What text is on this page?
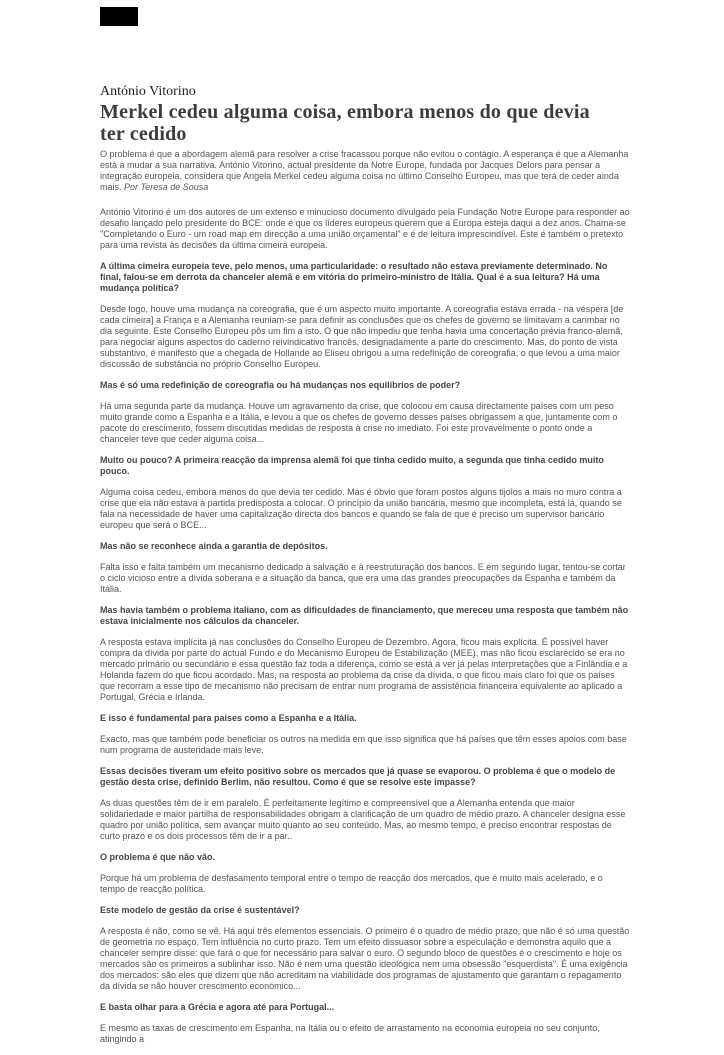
António Vitorino

Merkel cedeu alguma coisa, embora menos do que devia
ter cedido

O problema é que a abordagem alemã para resolver a crise fracassou porque não evitou o contágio. A esperança é que a Alemanha está a mudar a sua narrativa. António Vitorino, actual presidente da Notre Europe, fundada por Jacques Delors para pensar a integração europeia, considera que Angela Merkel cedeu alguma coisa no último Conselho Europeu, mas que terá de ceder ainda mais. Por Teresa de Sousa

António Vitorino é um dos autores de um extenso e minucioso documento divulgado pela Fundação Notre Europe para responder ao desafio lançado pelo presidente do BCE: onde é que os líderes europeus querem que a Europa esteja daqui a dez anos. Chama-se "Completando o Euro - um road map em direcção a uma união orçamental" e é de leitura imprescindível. Este é também o pretexto para uma revista às decisões da última cimeira europeia.

A última cimeira europeia teve, pelo menos, uma particularidade: o resultado não estava previamente determinado. No final, falou-se em derrota da chanceler alemã e em vitória do primeiro-ministro de Itália. Qual é a sua leitura? Há uma mudança política?

Desde logo, houve uma mudança na coreografia, que é um aspecto muito importante. A coreografia estava errada - na véspera [de cada cimeira] a França e a Alemanha reuniam-se para definir as conclusões que os chefes de governo se limitavam a carimbar no dia seguinte. Este Conselho Europeu pôs um fim a isto. O que não impediu que tenha havia uma concertação prévia franco-alemã, para negociar alguns aspectos do caderno reivindicativo francês, designadamente a parte do crescimento. Mas, do ponto de vista substantivo, é manifesto que a chegada de Hollande ao Eliseu obrigou a uma redefinição de coreografia, o que levou a uma maior discussão de substância no próprio Conselho Europeu.

Mas é só uma redefinição de coreografia ou há mudanças nos equilíbrios de poder?

Há uma segunda parte da mudança. Houve um agravamento da crise, que colocou em causa directamente países com um peso muito grande como a Espanha e a Itália, e levou a que os chefes de governo desses países obrigassem a que, juntamente com o pacote do crescimento, fossem discutidas medidas de resposta à crise no imediato. Foi este provavelmente o ponto onde a chanceler teve que ceder alguma coisa...

Muito ou pouco? A primeira reacção da imprensa alemã foi que tinha cedido muito, a segunda que tinha cedido muito pouco.

Alguma coisa cedeu, embora menos do que devia ter cedido. Mas é óbvio que foram postos alguns tijolos a mais no muro contra a crise que ela não estava à partida predisposta a colocar. O princípio da união bancária, mesmo que incompleta, está lá, quando se fala na necessidade de haver uma capitalização directa dos bancos e quando se fala de que é preciso um supervisor bancário europeu que será o BCE...

Mas não se reconhece ainda a garantia de depósitos.

Falta isso e falta também um mecanismo dedicado à salvação e à reestruturação dos bancos. E em segundo lugar, tentou-se cortar o ciclo vicioso entre a dívida soberana e a situação da banca, que era uma das grandes preocupações da Espanha e também da Itália.

Mas havia também o problema italiano, com as dificuldades de financiamento, que mereceu uma resposta que também não estava inicialmente nos cálculos da chanceler.

A resposta estava implícita já nas conclusões do Conselho Europeu de Dezembro. Agora, ficou mais explícita. É possível haver compra da dívida por parte do actual Fundo e do Mecanismo Europeu de Estabilização (MEE), mas não ficou esclarecido se era no mercado primário ou secundário e essa questão faz toda a diferença, como se está a ver já pelas interpretações que a Finlândia e a Holanda fazem do que ficou acordado. Mas, na resposta ao problema da crise da dívida, o que ficou mais claro foi que os países que recorram a esse tipo de mecanismo não precisam de entrar num programa de assistência financeira equivalente ao aplicado a Portugal, Grécia e Irlanda.

E isso é fundamental para países como a Espanha e a Itália.

Exacto, mas que também pode beneficiar os outros na medida em que isso significa que há países que têm esses apoios com base num programa de austeridade mais leve.

Essas decisões tiveram um efeito positivo sobre os mercados que já quase se evaporou. O problema é que o modelo de gestão desta crise, definido Berlim, não resultou. Como é que se resolve este impasse?

As duas questões têm de ir em paralelo. É perfeitamente legítimo e compreensível que a Alemanha entenda que maior solidariedade e maior partilha de responsabilidades obrigam à clarificação de um quadro de médio prazo. A chanceler designa esse quadro por união política, sem avançar muito quanto ao seu conteúdo. Mas, ao mesmo tempo, é preciso encontrar respostas de curto prazo e os dois processos têm de ir a par..

O problema é que não vão.

Porque há um problema de desfasamento temporal entre o tempo de reacção dos mercados, que é muito mais acelerado, e o tempo de reacção política.

Este modelo de gestão da crise é sustentável?

A resposta é não, como se vê. Há aqui três elementos essenciais. O primeiro é o quadro de médio prazo, que não é só uma questão de geometria no espaço. Tem influência no curto prazo. Tem um efeito dissuasor sobre a especulação e demonstra aquilo que a chanceler sempre disse: que fará o que for necessário para salvar o euro. O segundo bloco de questões é o crescimento e hoje os mercados são os primeiros a sublinhar isso. Não é nem uma questão ideológica nem uma obsessão "esquerdista". É uma exigência dos mercados: são eles que dizem que não acreditam na viabilidade dos programas de ajustamento que garantam o repagamento da dívida se não houver crescimento económico...

E basta olhar para a Grécia e agora até para Portugal...

E mesmo as taxas de crescimento em Espanha, na Itália ou o efeito de arrastamento na economia europeia no seu conjunto, atingindo a
